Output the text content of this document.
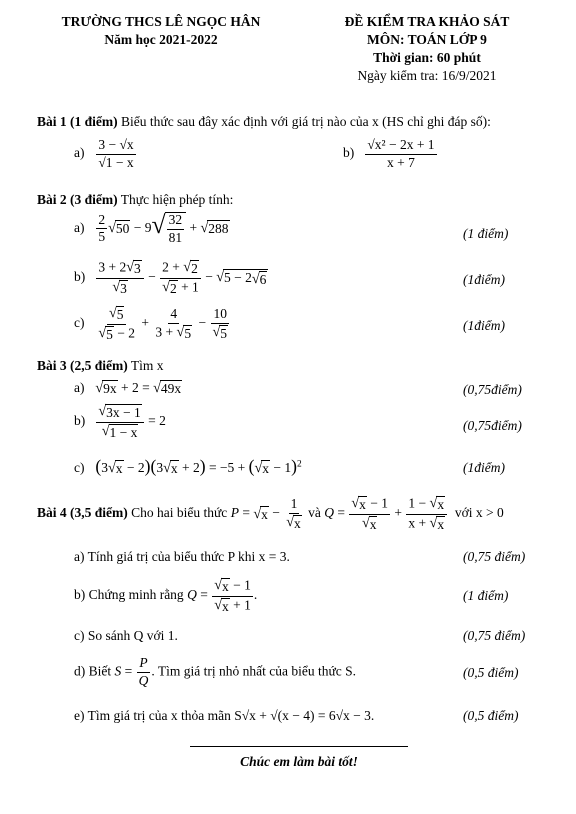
TRƯỜNG THCS LÊ NGỌC HÂN
Năm học 2021-2022
ĐỀ KIỂM TRA KHẢO SÁT
MÔN: TOÁN LỚP 9
Thời gian: 60 phút
Ngày kiểm tra: 16/9/2021
Bài 1 (1 điểm) Biểu thức sau đây xác định với giá trị nào của x (HS chỉ ghi đáp số):
$a) \frac{3 - √x}{√1 - x}$	$b) \frac{\text{√x² − 2x + 1}}{x + 7}$
Bài 2 (3 điểm) Thực hiện phép tính:
$a) \frac{2}{5}$ √ 50 − 9 √ $\frac{32}{81}$ + √ 288	(1 điểm)
$b) \frac{3 + 2 √ 3}{√ 3} - \frac{2 + √ 2}{√ 2 + 1}$ − √ 5 − 2 √ 6	(1điểm)
$c) \frac{√ 5}{√ 5 - 2} + \frac{4}{3 + √ 5} - \frac{10}{√ 5}$	(1điểm)
Bài 3 (2,5 điểm) Tìm x
a) √ 9x + 2 = √ 49x	(0,75điểm)
$b) \frac{√ 3x - 1}{√ 1 - x} = 2$	(0,75điểm)
c) (3 √ x − 2)(3 √ x + 2) = −5 + ( √ x − 1)$^2$	(1điểm)
Bài 4 (3,5 điểm) Cho hai biểu thức P = √ $x - \frac{1}{√ x}$ và $Q = \frac{√ x - 1}{√ x} + \frac{1 - √ x}{x + √ x}$ với x > 0
a) Tính giá trị của biểu thức P khi x = 3.	(0,75 điểm)
b) Chứng minh rằng $Q = \frac{√ x - 1}{√ x + 1}$ .	(1 điểm)
c) So sánh Q với 1.	(0,75 điểm)
d) Biết $S = \frac{P}{Q}$ . Tìm giá trị nhỏ nhất của biểu thức S.	(0,5 điểm)
e) Tìm giá trị của x thỏa mãn S√x + √(x − 4) = 6√x − 3.	(0,5 điểm)
Chúc em làm bài tốt!
